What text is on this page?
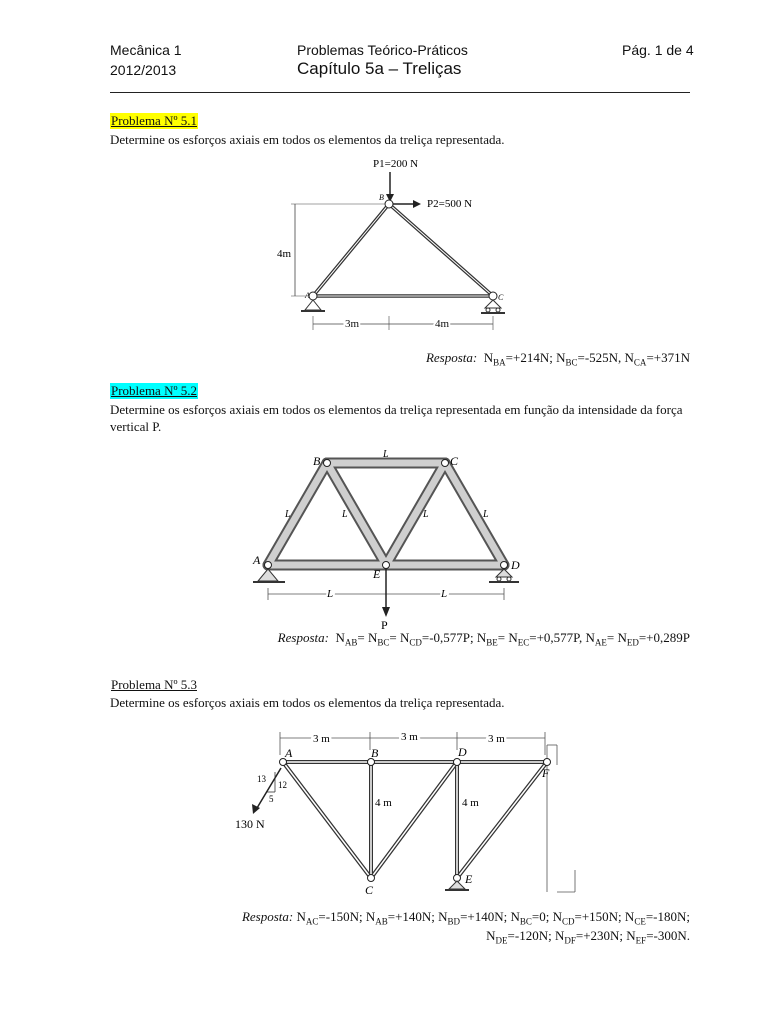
Mecânica 1
2012/2013
Problemas Teórico-Práticos
Capítulo 5a – Treliças
Pág. 1 de 4
Problema Nº 5.1
Determine os esforços axiais em todos os elementos da treliça representada.
P1=200 N
P2=500 N
B
A	C
4m
3m	4m
Resposta: $N_{BA}=+214N$; $N_{BC}=-525N$, $N_{CA}=+371N$
Problema Nº 5.2
Determine os esforços axiais em todos os elementos da treliça representada em função da intensidade da força vertical P.
A
B	C
D
E
L
L	L	L	L
L	L
P
Resposta: $N_{AB}= N_{BC}= N_{CD}=-0,577P$; $N_{BE}= N_{EC}=+0,577P$, $N_{AE}= N_{ED}=+0,289P$
Problema Nº 5.3
Determine os esforços axiais em todos os elementos da treliça representada.
3 m	3 m	3 m
A	B	D
F
C
E
4 m	4 m
13
12
5
130 N
Resposta: $N_{AC}=-150N$; $N_{AB}=+140N$; $N_{BD}=+140N$; $N_{BC}=0$; $N_{CD}=+150N$; $N_{CE}=-180N$;
$N_{DE}=-120N$; $N_{DF}=+230N$; $N_{EF}=-300N$.
